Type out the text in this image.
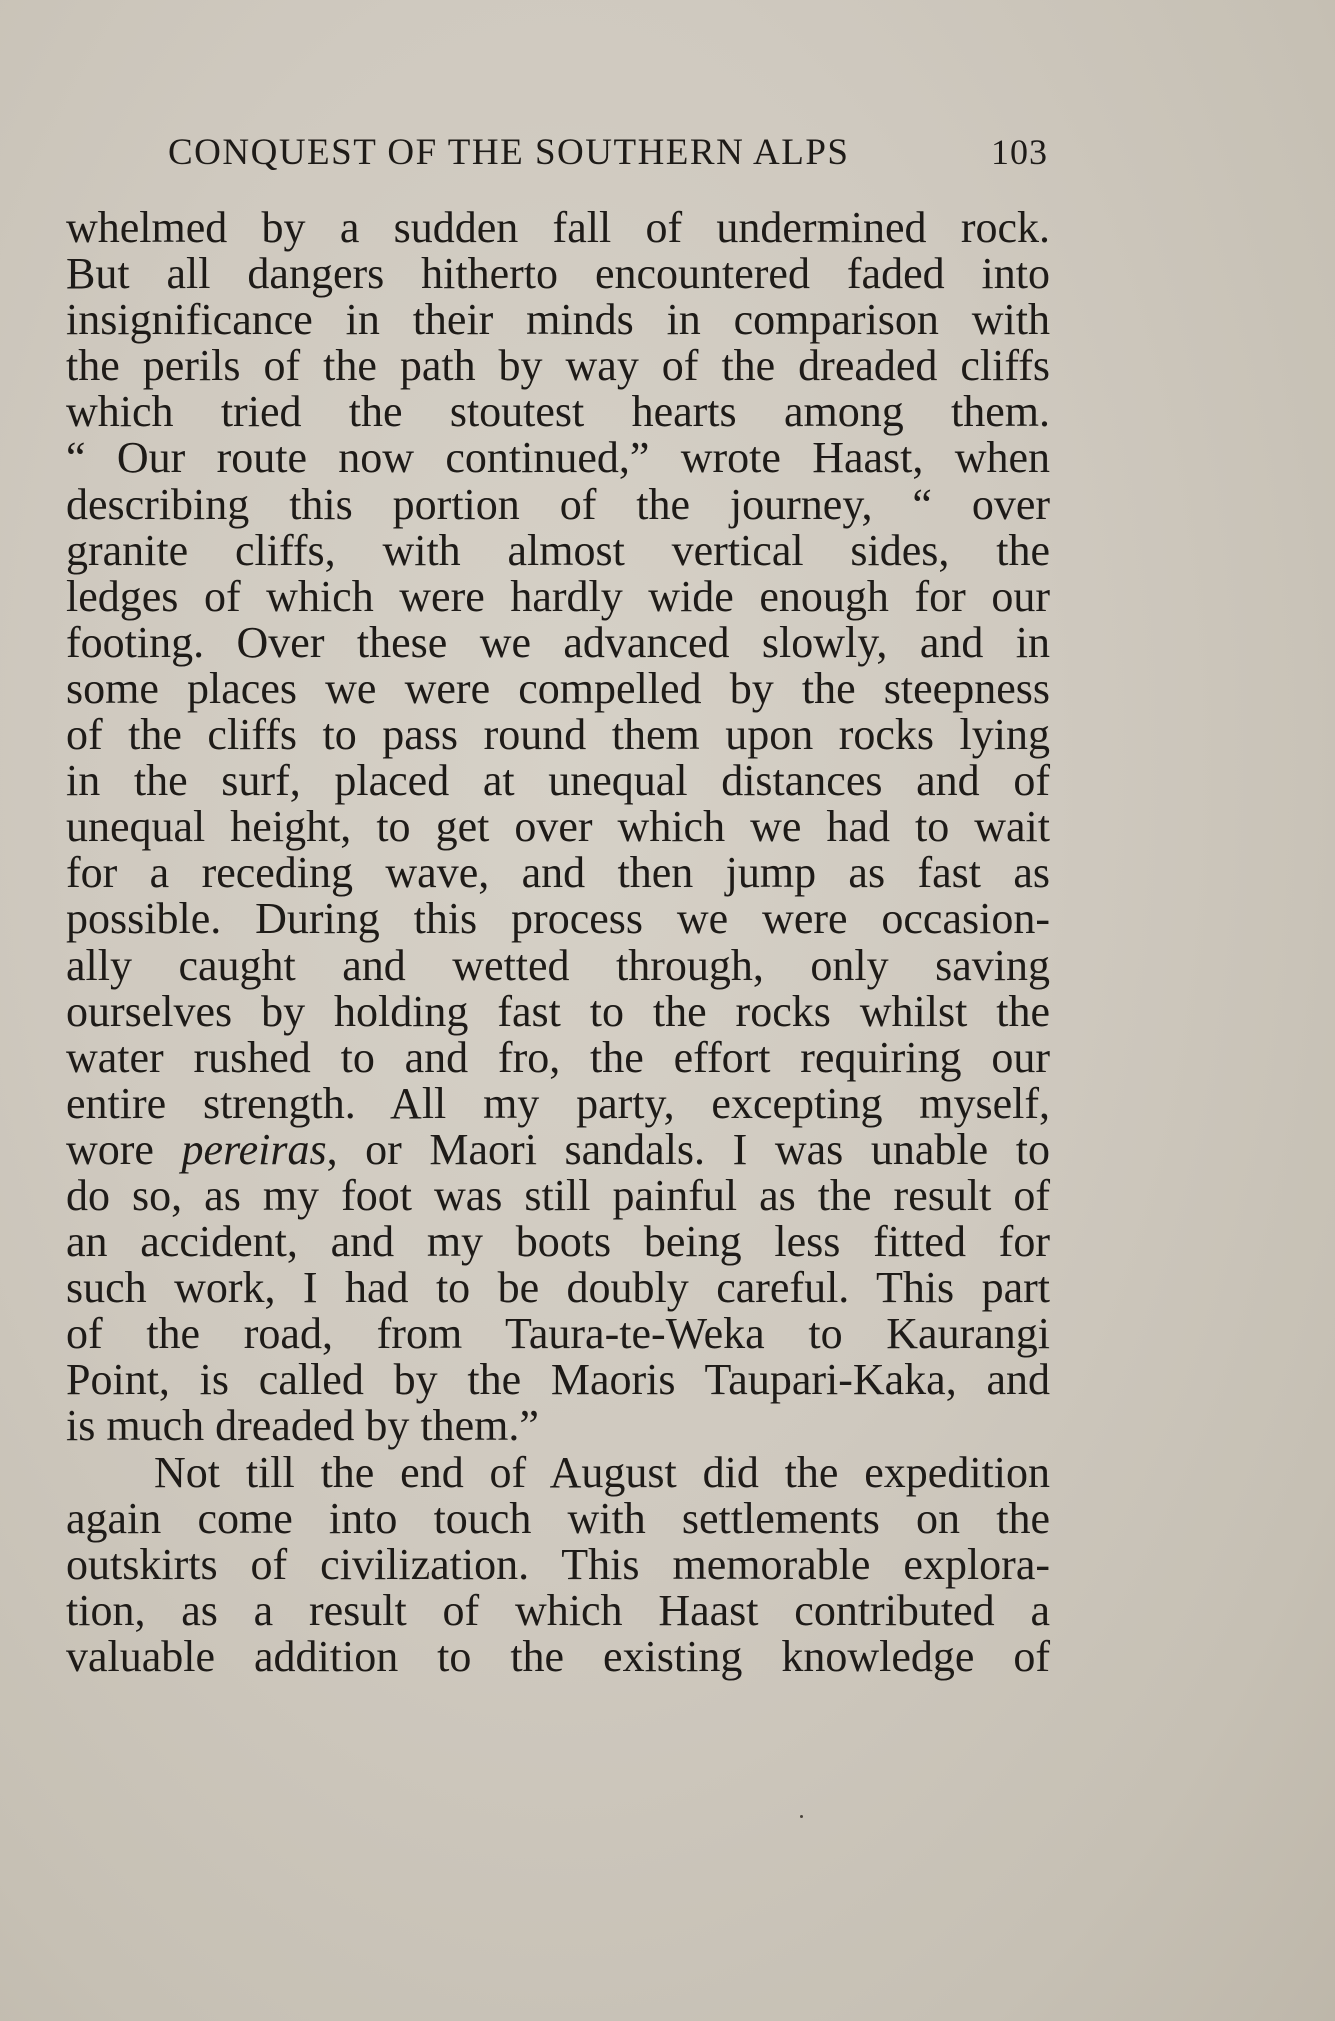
CONQUEST OF THE SOUTHERN ALPS	103
whelmed by a sudden fall of undermined rock.
But all dangers hitherto encountered faded into
insignificance in their minds in comparison with
the perils of the path by way of the dreaded cliffs
which tried the stoutest hearts among them.
“ Our route now continued,” wrote Haast, when
describing this portion of the journey, “ over
granite cliffs, with almost vertical sides, the
ledges of which were hardly wide enough for our
footing. Over these we advanced slowly, and in
some places we were compelled by the steepness
of the cliffs to pass round them upon rocks lying
in the surf, placed at unequal distances and of
unequal height, to get over which we had to wait
for a receding wave, and then jump as fast as
possible. During this process we were occasion-
ally caught and wetted through, only saving
ourselves by holding fast to the rocks whilst the
water rushed to and fro, the effort requiring our
entire strength. All my party, excepting myself,
wore pereiras, or Maori sandals. I was unable to
do so, as my foot was still painful as the result of
an accident, and my boots being less fitted for
such work, I had to be doubly careful. This part
of the road, from Taura-te-Weka to Kaurangi
Point, is called by the Maoris Taupari-Kaka, and
is much dreaded by them.”
Not till the end of August did the expedition
again come into touch with settlements on the
outskirts of civilization. This memorable explora-
tion, as a result of which Haast contributed a
valuable addition to the existing knowledge of
